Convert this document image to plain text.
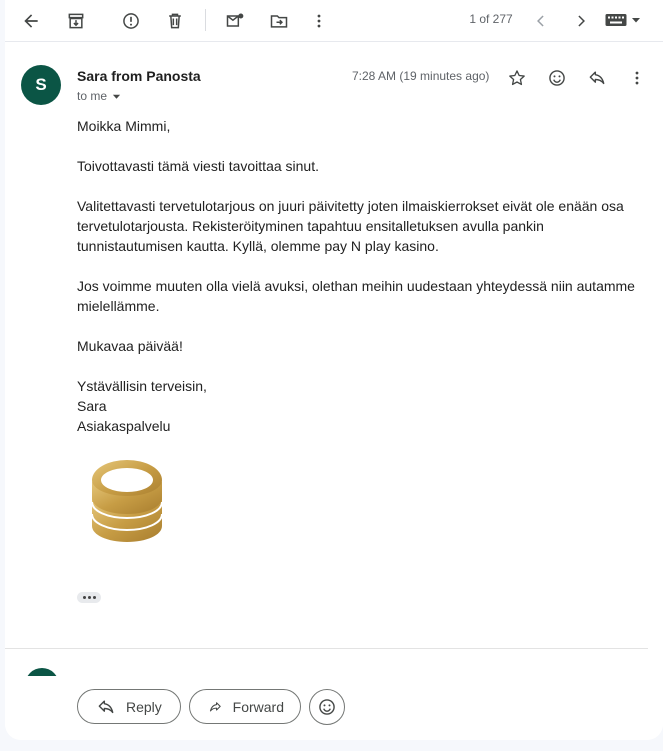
1 of 277
S	Sara from Panosta
to me
7:28 AM (19 minutes ago)

Moikka Mimmi,

Toivottavasti tämä viesti tavoittaa sinut.

Valitettavasti tervetulotarjous on juuri päivitetty joten ilmaiskierrokset eivät ole enään osa tervetulotarjousta. Rekisteröityminen tapahtuu ensitalletuksen avulla pankin tunnistautumisen kautta. Kyllä, olemme pay N play kasino.

Jos voimme muuten olla vielä avuksi, olethan meihin uudestaan yhteydessä niin autamme mielellämme.

Mukavaa päivää!

Ystävällisin terveisin,

Sara

Asiakaspalvelu

Reply	Forward
